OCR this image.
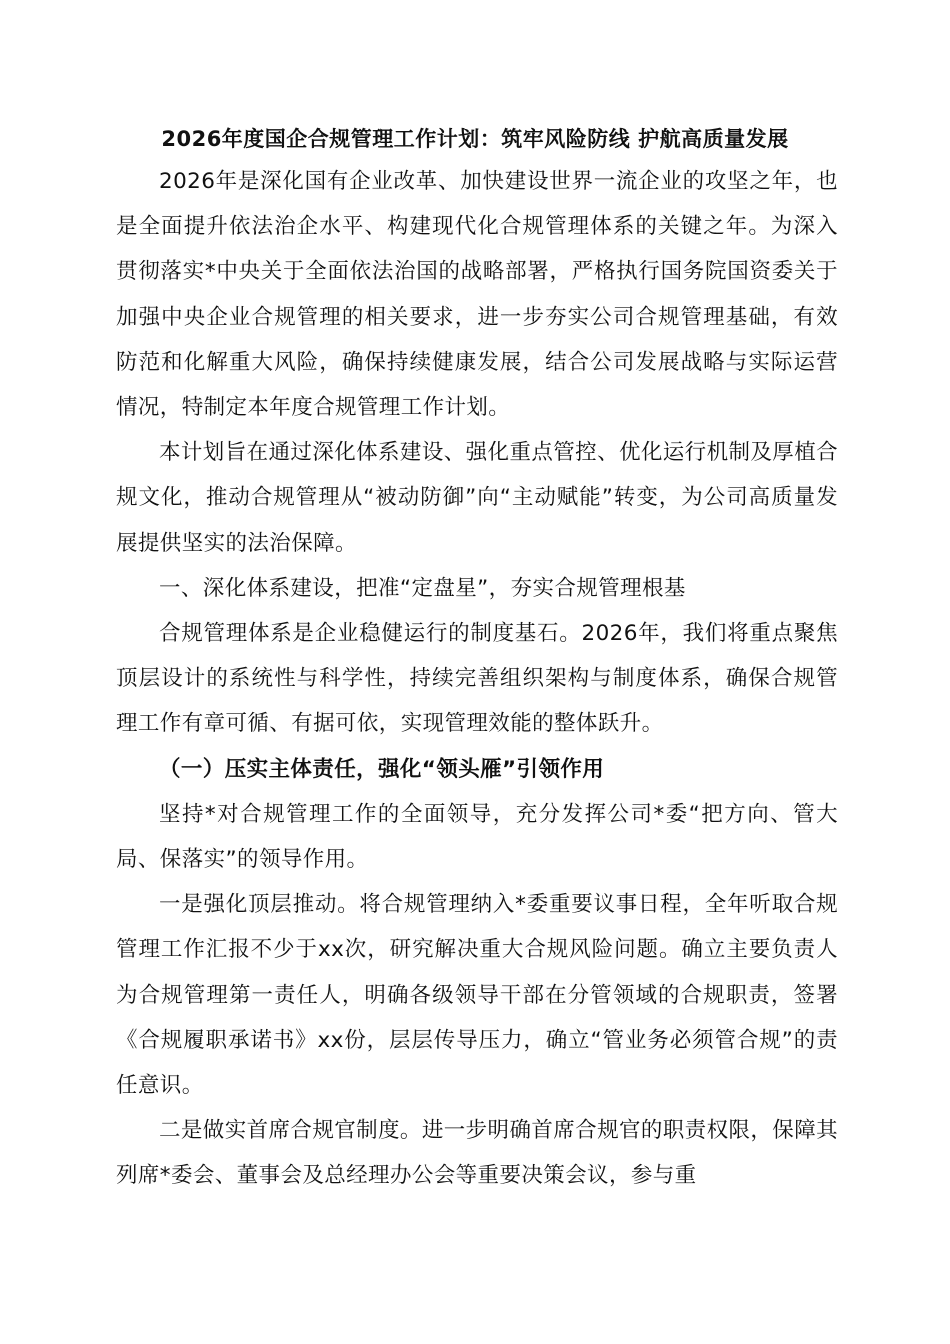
2026年度国企合规管理工作计划：筑牢风险防线 护航高质量发展

2026年是深化国有企业改革、加快建设世界一流企业的攻坚之年，也是全面提升依法治企水平、构建现代化合规管理体系的关键之年。为深入贯彻落实*中央关于全面依法治国的战略部署，严格执行国务院国资委关于加强中央企业合规管理的相关要求，进一步夯实公司合规管理基础，有效防范和化解重大风险，确保持续健康发展，结合公司发展战略与实际运营情况，特制定本年度合规管理工作计划。

本计划旨在通过深化体系建设、强化重点管控、优化运行机制及厚植合规文化，推动合规管理从“被动防御”向“主动赋能”转变，为公司高质量发展提供坚实的法治保障。

一、深化体系建设，把准“定盘星”，夯实合规管理根基

合规管理体系是企业稳健运行的制度基石。2026年，我们将重点聚焦顶层设计的系统性与科学性，持续完善组织架构与制度体系，确保合规管理工作有章可循、有据可依，实现管理效能的整体跃升。

（一）压实主体责任，强化“领头雁”引领作用

坚持*对合规管理工作的全面领导，充分发挥公司*委“把方向、管大局、保落实”的领导作用。

一是强化顶层推动。将合规管理纳入*委重要议事日程，全年听取合规管理工作汇报不少于xx次，研究解决重大合规风险问题。确立主要负责人为合规管理第一责任人，明确各级领导干部在分管领域的合规职责，签署《合规履职承诺书》xx份，层层传导压力，确立“管业务必须管合规”的责任意识。

二是做实首席合规官制度。进一步明确首席合规官的职责权限，保障其列席*委会、董事会及总经理办公会等重要决策会议，参与重
